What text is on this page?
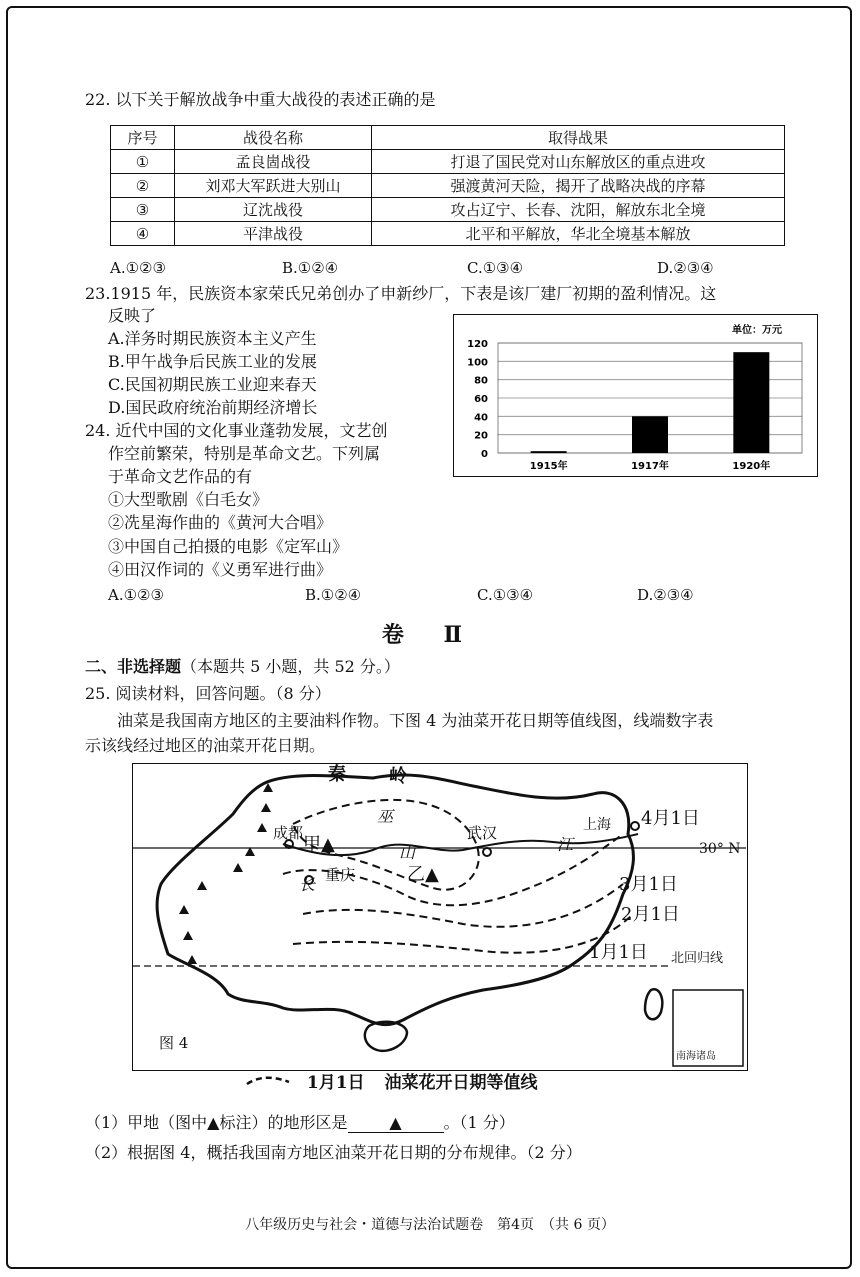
22. 以下关于解放战争中重大战役的表述正确的是
序号	战役名称	取得战果
①	孟良崮战役	打退了国民党对山东解放区的重点进攻
②	刘邓大军跃进大别山	强渡黄河天险，揭开了战略决战的序幕
③	辽沈战役	攻占辽宁、长春、沈阳，解放东北全境
④	平津战役	北平和平解放，华北全境基本解放
A.①②③	B.①②④	C.①③④	D.②③④
23.1915 年，民族资本家荣氏兄弟创办了申新纱厂，下表是该厂建厂初期的盈利情况。这
反映了
A.洋务时期民族资本主义产生
B.甲午战争后民族工业的发展
C.民国初期民族工业迎来春天
D.国民政府统治前期经济增长
0
20
40
60
80
100
120
1915年	1917年	1920年
单位：万元
24. 近代中国的文化事业蓬勃发展，文艺创
作空前繁荣，特别是革命文艺。下列属
于革命文艺作品的有
①大型歌剧《白毛女》
②冼星海作曲的《黄河大合唱》
③中国自己拍摄的电影《定军山》
④田汉作词的《义勇军进行曲》
A.①②③	B.①②④	C.①③④	D.②③④
卷 Ⅱ
二、非选择题（本题共 5 小题，共 52 分。）
25. 阅读材料，回答问题。（8 分）
油菜是我国南方地区的主要油料作物。下图 4 为油菜开花日期等值线图，线端数字表
示该线经过地区的油菜开花日期。
秦 岭
巫
山
成都
甲▲
重庆	乙▲
武汉
江
长
上海 4月1日
30° N
3月1日
2月1日
1月1日 北回归线
图 4
南海诸岛
1月1日 油菜花开日期等值线
（1）甲地（图中▲标注）的地形区是	▲	。（1 分）
（2）根据图 4，概括我国南方地区油菜开花日期的分布规律。（2 分）
八年级历史与社会・道德与法治试题卷　第4页　（共 6 页）
